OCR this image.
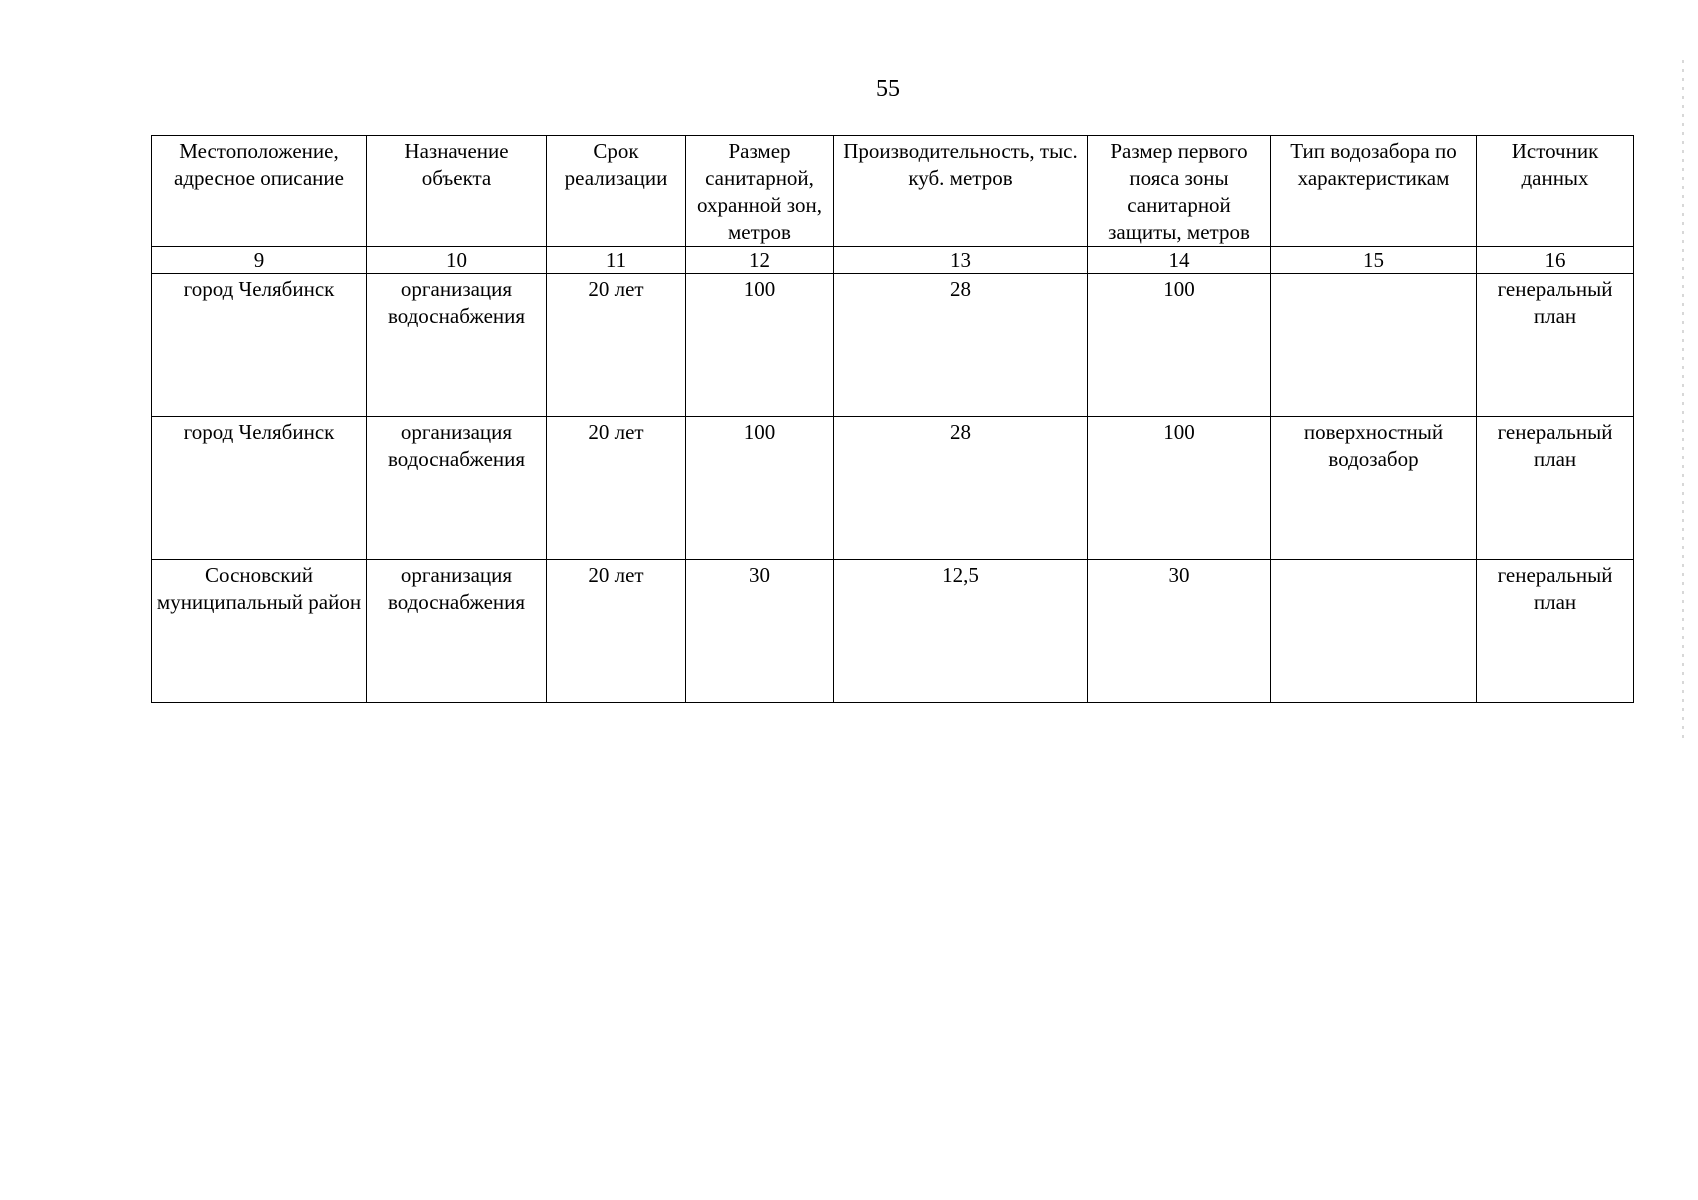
55
Местоположение, адресное описание	Назначение объекта	Срок реализации	Размер санитарной, охранной зон, метров	Производительность, тыс. куб. метров	Размер первого пояса зоны санитарной защиты, метров	Тип водозабора по характеристикам	Источник данных
9	10	11	12	13	14	15	16
город Челябинск	организация водоснабжения	20 лет	100	28	100		генеральный план
город Челябинск	организация водоснабжения	20 лет	100	28	100	поверхностный водозабор	генеральный план
Сосновский муниципальный район	организация водоснабжения	20 лет	30	12,5	30		генеральный план
